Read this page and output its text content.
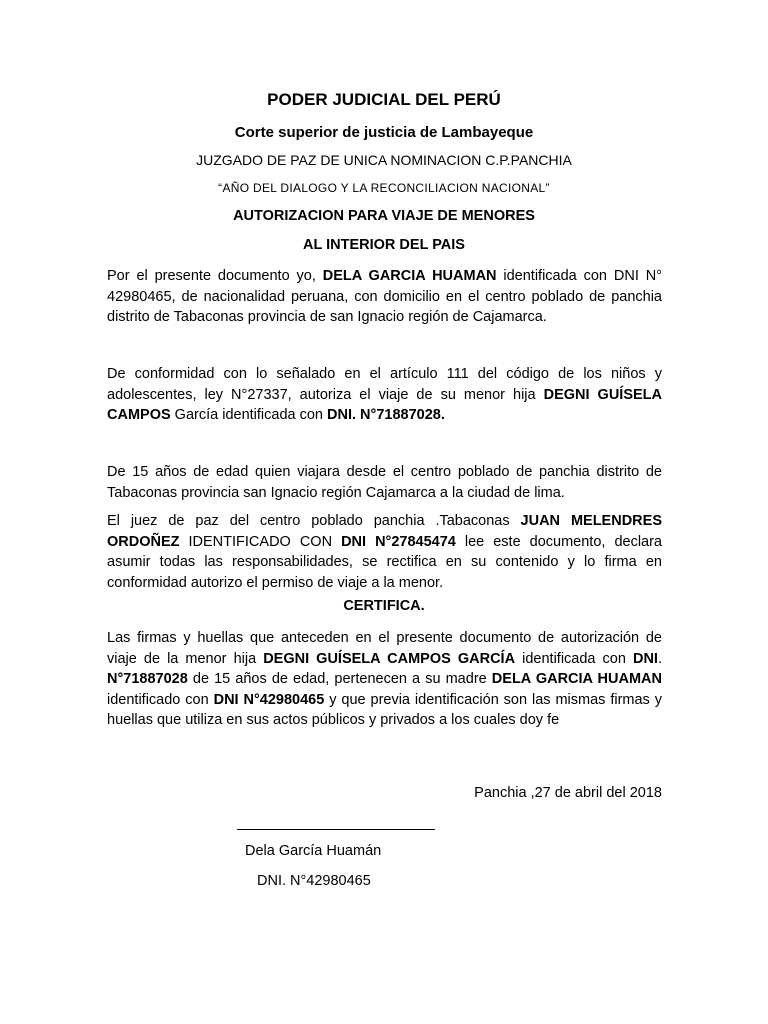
PODER JUDICIAL DEL PERÚ
Corte superior de justicia de Lambayeque
JUZGADO DE PAZ DE UNICA NOMINACION C.P.PANCHIA
“AÑO DEL DIALOGO Y LA RECONCILIACION NACIONAL”
AUTORIZACION PARA VIAJE DE MENORES
AL INTERIOR DEL PAIS

Por el presente documento yo, DELA GARCIA HUAMAN identificada con DNI N° 42980465, de nacionalidad peruana, con domicilio en el centro poblado de panchia distrito de Tabaconas provincia de san Ignacio región de Cajamarca.

De conformidad con lo señalado en el artículo 111 del código de los niños y adolescentes, ley N°27337, autoriza el viaje de su menor hija DEGNI GUÍSELA CAMPOS García identificada con DNI. N°71887028.

De 15 años de edad quien viajara desde el centro poblado de panchia distrito de Tabaconas provincia san Ignacio región Cajamarca a la ciudad de lima.

El juez de paz del centro poblado panchia .Tabaconas JUAN MELENDRES ORDOÑEZ IDENTIFICADO CON DNI N°27845474 lee este documento, declara asumir todas las responsabilidades, se rectifica en su contenido y lo firma en conformidad autorizo el permiso de viaje a la menor.

CERTIFICA.

Las firmas y huellas que anteceden en el presente documento de autorización de viaje de la menor hija DEGNI GUÍSELA CAMPOS GARCÍA identificada con DNI. N°71887028 de 15 años de edad, pertenecen a su madre DELA GARCIA HUAMAN identificado con DNI N°42980465 y que previa identificación son las mismas firmas y huellas que utiliza en sus actos públicos y privados a los cuales doy fe

Panchia ,27 de abril del 2018
Dela García Huamán
DNI. N°42980465
